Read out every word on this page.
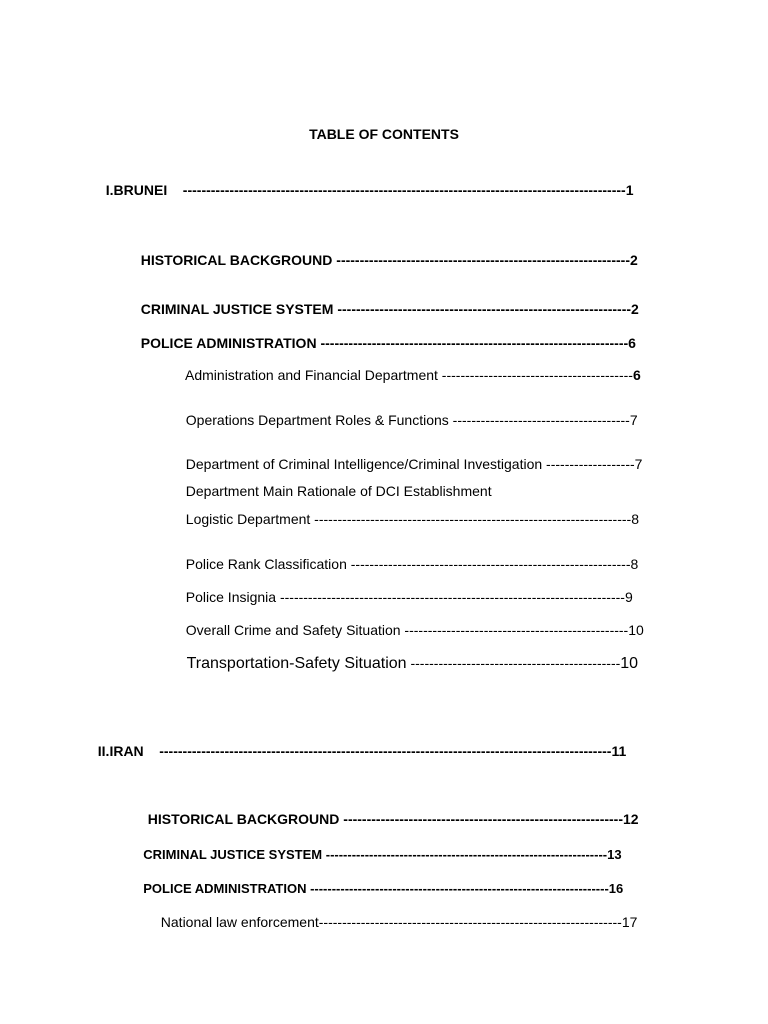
TABLE OF CONTENTS

I.BRUNEI    -----------------------------------------------------------------------------------------------1

HISTORICAL BACKGROUND ---------------------------------------------------------------2

CRIMINAL JUSTICE SYSTEM ---------------------------------------------------------------2

POLICE ADMINISTRATION ------------------------------------------------------------------6

Administration and Financial Department -----------------------------------------6

Operations Department Roles & Functions --------------------------------------7

Department of Criminal Intelligence/Criminal Investigation -------------------7

Department Main Rationale of DCI Establishment

Logistic Department --------------------------------------------------------------------8

Police Rank Classification ------------------------------------------------------------8

Police Insignia --------------------------------------------------------------------------9

Overall Crime and Safety Situation ------------------------------------------------10

Transportation-Safety Situation ---------------------------------------------10

II.IRAN    -------------------------------------------------------------------------------------------------11

HISTORICAL BACKGROUND ------------------------------------------------------------12

CRIMINAL JUSTICE SYSTEM -----------------------------------------------------------------13

POLICE ADMINISTRATION ---------------------------------------------------------------------16

National law enforcement-----------------------------------------------------------------17
